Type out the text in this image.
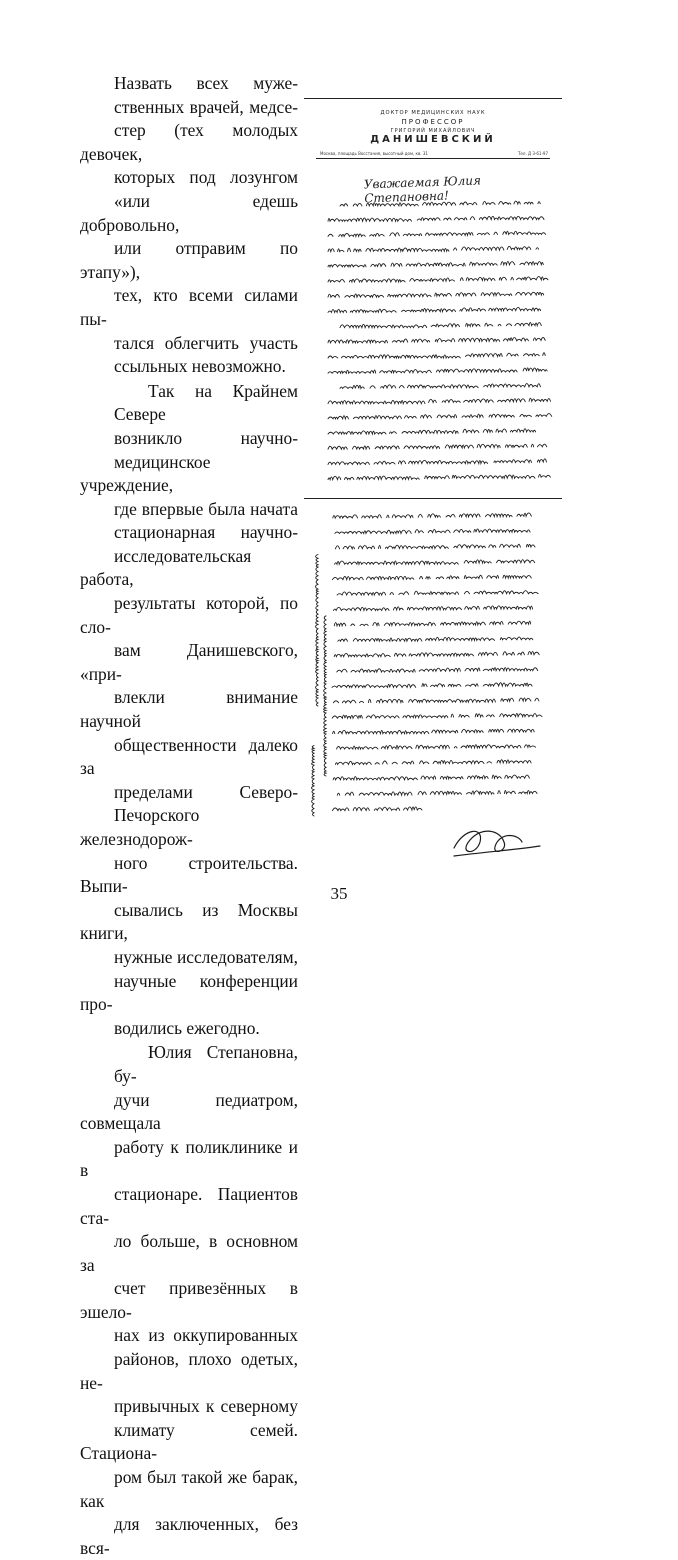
Назвать всех муже-
ственных врачей, медсе-
стер (тех молодых девочек,
которых под лозунгом
«или едешь добровольно,
или отправим по этапу»),
тех, кто всеми силами пы-
тался облегчить участь
ссыльных невозможно.

Так на Крайнем Севере
возникло научно-
медицинское учреждение,
где впервые была начата
стационарная научно-
исследовательская работа,
результаты которой, по сло-
вам Данишевского, «при-
влекли внимание научной
общественности далеко за
пределами Северо-
Печорского железнодорож-
ного строительства. Выпи-
сывались из Москвы книги,
нужные исследователям,
научные конференции про-
водились ежегодно.

Юлия Степановна, бу-
дучи педиатром, совмещала
работу к поликлинике и в
стационаре. Пациентов ста-
ло больше, в основном за
счет привезённых в эшело-
нах из оккупированных
районов, плохо одетых, не-
привычных к северному
климату семей. Стациона-
ром был такой же барак, как
для заключенных, без вся-

ДОКТОР МЕДИЦИНСКИХ НАУК
ПРОФЕССОР
ГРИГОРИЙ МИХАЙЛОВИЧ
ДАНИШЕВСКИЙ
Москва, площадь Восстания, высотный дом, кв. 31	Тел. Д 3-61-97
Уважаемая Юлия Степановна!
35
